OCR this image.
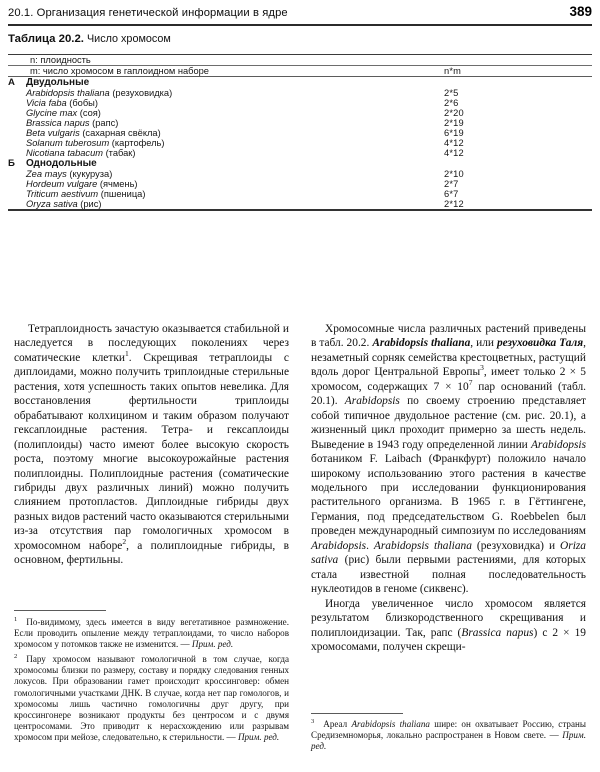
20.1. Организация генетической информации в ядре	389
Таблица 20.2. Число хромосом
	n: плоидность	
	m: число хромосом в гаплоидном наборе	n*m
А	Двудольные	
	Arabidopsis thaliana (резуховидка)	2*5
	Vicia faba (бобы)	2*6
	Glycine max (соя)	2*20
	Brassica napus (рапс)	2*19
	Beta vulgaris (сахарная свёкла)	6*19
	Solanum tuberosum (картофель)	4*12
	Nicotiana tabacum (табак)	4*12
Б	Однодольные	
	Zea mays (кукуруза)	2*10
	Hordeum vulgare (ячмень)	2*7
	Triticum aestivum (пшеница)	6*7
	Oryza sativa (рис)	2*12

Тетраплоидность зачастую оказывается стабильной и наследуется в последующих поколениях через соматические клетки$^1$. Скрещивая тетраплоиды с диплоидами, можно получить триплоидные стерильные растения, хотя успешность таких опытов невелика. Для восстановления фертильности триплоиды обрабатывают колхицином и таким образом получают гексаплоидные растения. Тетра- и гексаплоиды (полиплоиды) часто имеют более высокую скорость роста, поэтому многие высокоурожайные растения полиплоидны. Полиплоидные растения (соматические гибриды двух различных линий) можно получить слиянием протопластов. Диплоидные гибриды двух разных видов растений часто оказываются стерильными из-за отсутствия пар гомологичных хромосом в хромосомном наборе$^2$, а полиплоидные гибриды, в основном, фертильны.

Хромосомные числа различных растений приведены в табл. 20.2. Arabidopsis thaliana, или резуховидка Таля, незаметный сорняк семейства крестоцветных, растущий вдоль дорог Центральной Европы$^3$, имеет только 2 × 5 хромосом, содержащих $7 \times 10^7$ пар оснований (табл. 20.1). Arabidopsis по своему строению представляет собой типичное двудольное растение (см. рис. 20.1), а жизненный цикл проходит примерно за шесть недель. Выведение в 1943 году определенной линии Arabidopsis ботаником F. Laibach (Франкфурт) положило начало широкому использованию этого растения в качестве модельного при исследовании функционирования растительного организма. В 1965 г. в Гёттингене, Германия, под председательством G. Roebbelen был проведен международный симпозиум по исследованиям Arabidopsis. Arabidopsis thaliana (резуховидка) и Oriza sativa (рис) были первыми растениями, для которых стала известной полная последовательность нуклеотидов в геноме (сиквенс).

Иногда увеличенное число хромосом является результатом близкородственного скрещивания и полиплоидизации. Так, рапс (Brassica napus) с 2 × 19 хромосомами, получен скрещи-

$^1$ По-видимому, здесь имеется в виду вегетативное размножение. Если проводить опыление между тетраплоидами, то число наборов хромосом у потомков также не изменится. — Прим. ред.

$^2$ Пару хромосом называют гомологичной в том случае, когда хромосомы близки по размеру, составу и порядку следования генных локусов. При образовании гамет происходит кроссинговер: обмен гомологичными участками ДНК. В случае, когда нет пар гомологов, и хромосомы лишь частично гомологичны друг другу, при кроссингонере возникают продукты без центросом и с двумя центросомами. Это приводит к нерасхождению или разрывам хромосом при мейозе, следовательно, к стерильности. — Прим. ред.

$^3$ Ареал Arabidopsis thaliana шире: он охватывает Россию, страны Средиземноморья, локально распространен в Новом свете. — Прим. ред.
